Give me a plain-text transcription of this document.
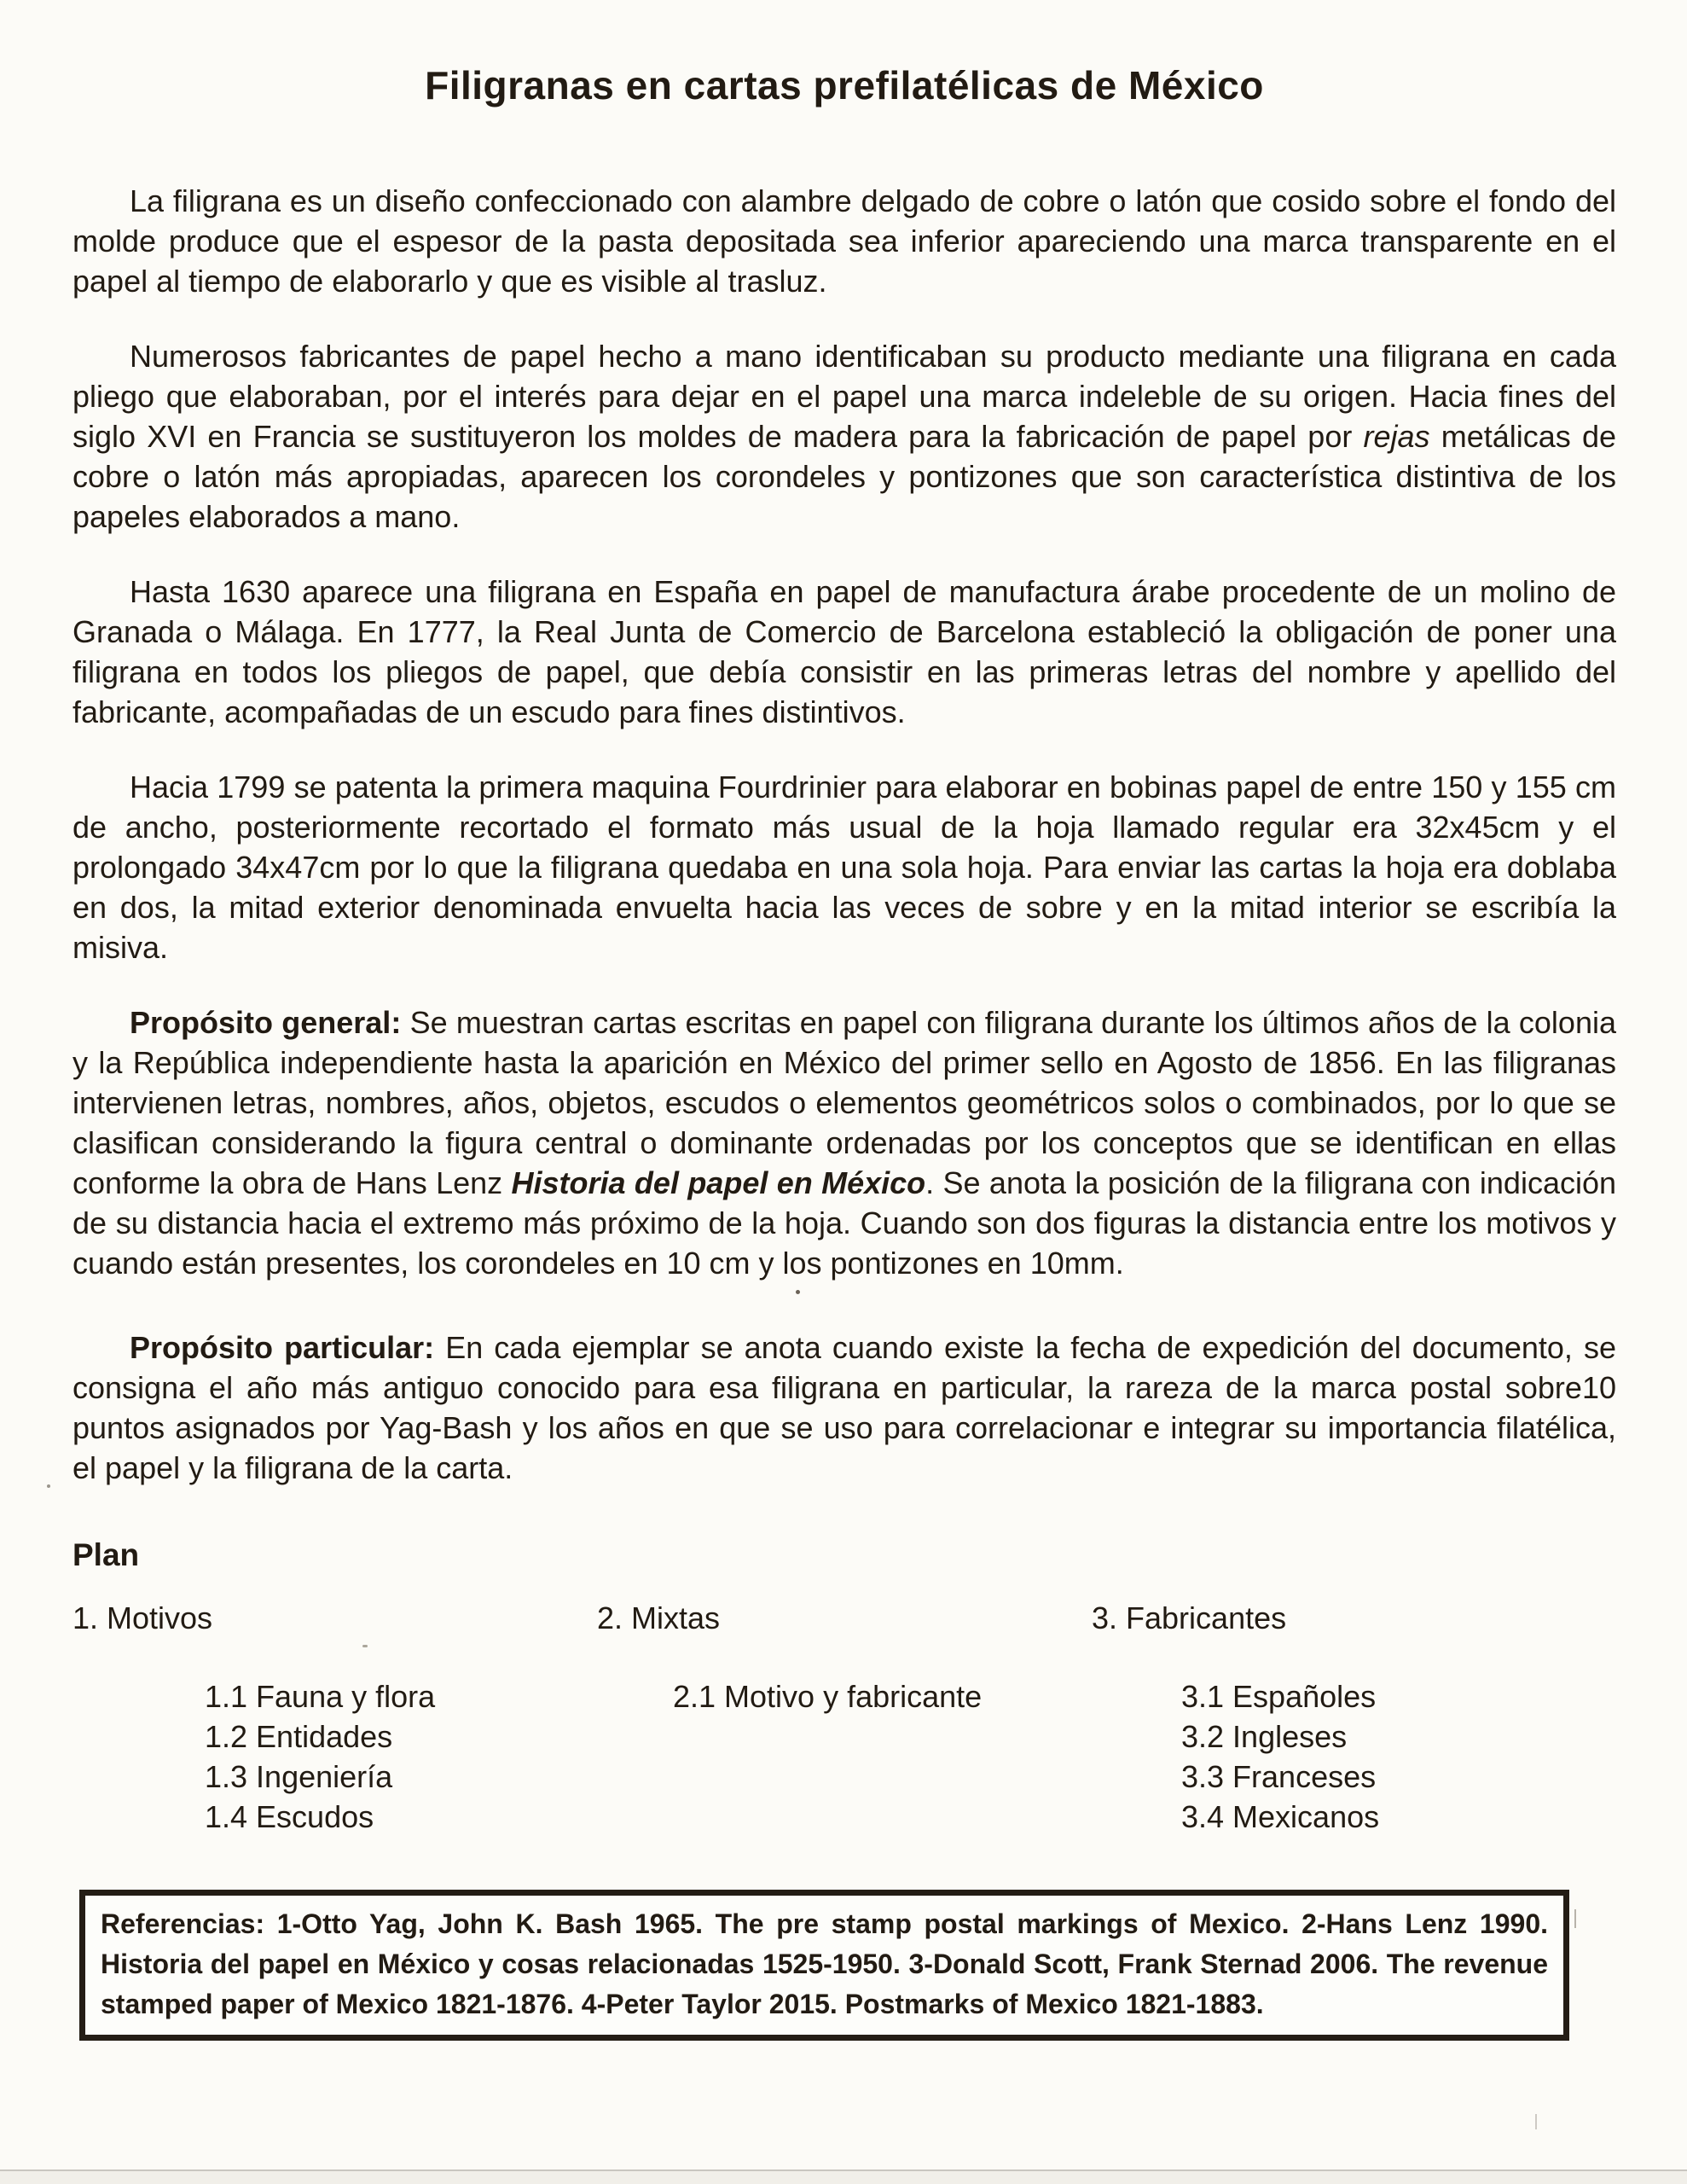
Filigranas en cartas prefilatélicas de México

La filigrana es un diseño confeccionado con alambre delgado de cobre o latón que cosido sobre el fondo del molde produce que el espesor de la pasta depositada sea inferior apareciendo una marca transparente en el papel al tiempo de elaborarlo y que es visible al trasluz.

Numerosos fabricantes de papel hecho a mano identificaban su producto mediante una filigrana en cada pliego que elaboraban, por el interés para dejar en el papel una marca indeleble de su origen. Hacia fines del siglo XVI en Francia se sustituyeron los moldes de madera para la fabricación de papel por rejas metálicas de cobre o latón más apropiadas, aparecen los corondeles y pontizones que son característica distintiva de los papeles elaborados a mano.

Hasta 1630 aparece una filigrana en España en papel de manufactura árabe procedente de un molino de Granada o Málaga. En 1777, la Real Junta de Comercio de Barcelona estableció la obligación de poner una filigrana en todos los pliegos de papel, que debía consistir en las primeras letras del nombre y apellido del fabricante, acompañadas de un escudo para fines distintivos.

Hacia 1799 se patenta la primera maquina Fourdrinier para elaborar en bobinas papel de entre 150 y 155 cm de ancho, posteriormente recortado el formato más usual de la hoja llamado regular era 32x45cm y el prolongado 34x47cm por lo que la filigrana quedaba en una sola hoja. Para enviar las cartas la hoja era doblaba en dos, la mitad exterior denominada envuelta hacia las veces de sobre y en la mitad interior se escribía la misiva.

Propósito general: Se muestran cartas escritas en papel con filigrana durante los últimos años de la colonia y la República independiente hasta la aparición en México del primer sello en Agosto de 1856. En las filigranas intervienen letras, nombres, años, objetos, escudos o elementos geométricos solos o combinados, por lo que se clasifican considerando la figura central o dominante ordenadas por los conceptos que se identifican en ellas conforme la obra de Hans Lenz Historia del papel en México. Se anota la posición de la filigrana con indicación de su distancia hacia el extremo más próximo de la hoja. Cuando son dos figuras la distancia entre los motivos y cuando están presentes, los corondeles en 10 cm y los pontizones en 10mm.

Propósito particular: En cada ejemplar se anota cuando existe la fecha de expedición del documento, se consigna el año más antiguo conocido para esa filigrana en particular, la rareza de la marca postal sobre10 puntos asignados por Yag-Bash y los años en que se uso para correlacionar e integrar su importancia filatélica, el papel y la filigrana de la carta.

Plan
1. Motivos
1.1 Fauna y flora
1.2 Entidades
1.3 Ingeniería
1.4 Escudos
2. Mixtas
2.1 Motivo y fabricante
3. Fabricantes
3.1 Españoles
3.2 Ingleses
3.3 Franceses
3.4 Mexicanos

Referencias: 1-Otto Yag, John K. Bash 1965. The pre stamp postal markings of Mexico. 2-Hans Lenz 1990. Historia del papel en México y cosas relacionadas 1525-1950. 3-Donald Scott, Frank Sternad 2006. The revenue stamped paper of Mexico 1821-1876. 4-Peter Taylor 2015. Postmarks of Mexico 1821-1883.
